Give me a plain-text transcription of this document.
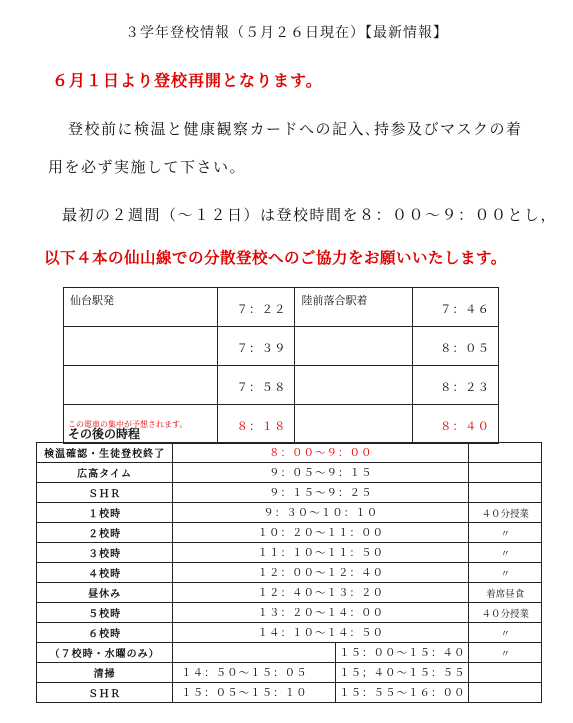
３学年登校情報（５月２６日現在）【最新情報】
６月１日より登校再開となります。
登校前に検温と健康観察カードへの記入､持参及びマスクの着
用を必ず実施して下さい。
最初の２週間（〜１２日）は登校時間を８：００〜９：００とし，
以下４本の仙山線での分散登校へのご協力をお願いいたします。
仙台駅発	７：２２	陸前落合駅着	７：４６
	７：３９		８：０５
	７：５８		８：２３
この電車の集中が予想されます。	８：１８		８：４０
その後の時程
検温確認・生徒登校終了	８：００〜９：００		
広高タイム	９：０５〜９：１５		
ＳＨＲ	９：１５〜９：２５		
１校時	９：３０〜１０：１０		４０分授業
２校時	１０：２０〜１１：００		〃
３校時	１１：１０〜１１：５０		〃
４校時	１２：００〜１２：４０		〃
昼休み	１２：４０〜１３：２０		着席昼食
５校時	１３：２０〜１４：００		４０分授業
６校時	１４：１０〜１４：５０		〃
（７校時・水曜のみ）		１５：００〜１５：４０	〃
清掃	１４：５０〜１５：０５	１５；４０〜１５：５５	
ＳＨＲ	１５：０５〜１５：１０	１５：５５〜１６：００	
